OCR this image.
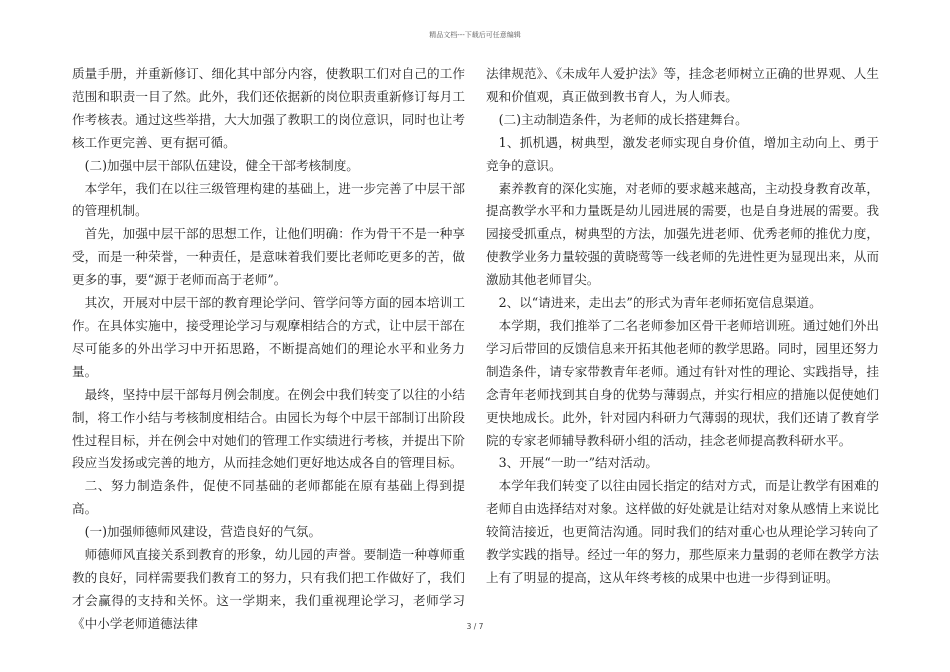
精品文档---下载后可任意编辑

质量手册，并重新修订、细化其中部分内容，使教职工们对自己的工作范围和职责一目了然。此外，我们还依据新的岗位职责重新修订每月工作考核表。通过这些举措，大大加强了教职工的岗位意识，同时也让考核工作更完善、更有据可循。

(二)加强中层干部队伍建设，健全干部考核制度。

本学年，我们在以往三级管理构建的基础上，进一步完善了中层干部的管理机制。

首先，加强中层干部的思想工作，让他们明确：作为骨干不是一种享受，而是一种荣誉，一种责任，是意味着我们要比老师吃更多的苦，做更多的事，要“源于老师而高于老师”。

其次，开展对中层干部的教育理论学问、管学问等方面的园本培训工作。在具体实施中，接受理论学习与观摩相结合的方式，让中层干部在尽可能多的外出学习中开拓思路，不断提高她们的理论水平和业务力量。

最终，坚持中层干部每月例会制度。在例会中我们转变了以往的小结制，将工作小结与考核制度相结合。由园长为每个中层干部制订出阶段性过程目标，并在例会中对她们的管理工作实绩进行考核，并提出下阶段应当发扬或完善的地方，从而挂念她们更好地达成各自的管理目标。

二、努力制造条件，促使不同基础的老师都能在原有基础上得到提高。

(一)加强师德师风建设，营造良好的气氛。

师德师风直接关系到教育的形象，幼儿园的声誉。要制造一种尊师重教的良好，同样需要我们教育工的努力，只有我们把工作做好了，我们才会赢得的支持和关怀。这一学期来，我们重视理论学习，老师学习《中小学老师道德法律

法律规范》、《未成年人爱护法》等，挂念老师树立正确的世界观、人生观和价值观，真正做到教书育人，为人师表。

(二)主动制造条件，为老师的成长搭建舞台。

1、抓机遇，树典型，激发老师实现自身价值，增加主动向上、勇于竞争的意识。

素养教育的深化实施，对老师的要求越来越高，主动投身教育改革，提高教学水平和力量既是幼儿园进展的需要，也是自身进展的需要。我园接受抓重点，树典型的方法，加强先进老师、优秀老师的推优力度，使教学业务力量较强的黄晓莺等一线老师的先进性更为显现出来，从而激励其他老师冒尖。

2、以“请进来，走出去”的形式为青年老师拓宽信息渠道。

本学期，我们推举了二名老师参加区骨干老师培训班。通过她们外出学习后带回的反馈信息来开拓其他老师的教学思路。同时，园里还努力制造条件，请专家带教青年老师。通过有针对性的理论、实践指导，挂念青年老师找到其自身的优势与薄弱点，并实行相应的措施以促使她们更快地成长。此外，针对园内科研力气薄弱的现状，我们还请了教育学院的专家老师辅导教科研小组的活动，挂念老师提高教科研水平。

3、开展“一助一”结对活动。

本学年我们转变了以往由园长指定的结对方式，而是让教学有困难的老师自由选择结对对象。这样做的好处就是让结对对象从感情上来说比较简洁接近，也更简洁沟通。同时我们的结对重心也从理论学习转向了教学实践的指导。经过一年的努力，那些原来力量弱的老师在教学方法上有了明显的提高，这从年终考核的成果中也进一步得到证明。

3 / 7
